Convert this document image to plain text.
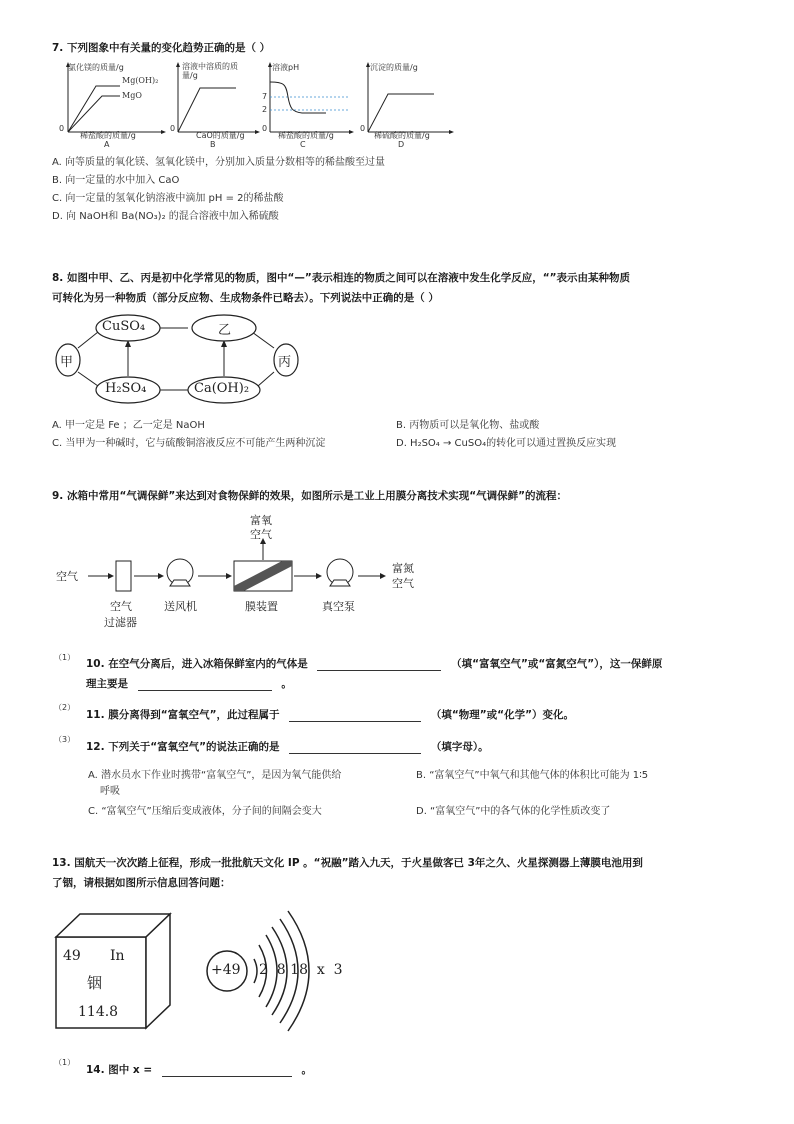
7. 下列图象中有关量的变化趋势正确的是（ ）
氯化镁的质量/g
Mg(OH)₂
MgO
0
稀盐酸的质量/g
A
溶液中溶质的质量/g
0
CaO的质量/g
B
溶液pH
7
2
0
稀盐酸的质量/g
C
沉淀的质量/g
0
稀硫酸的质量/g
D
A. 向等质量的氧化镁、氢氧化镁中，分别加入质量分数相等的稀盐酸至过量
B. 向一定量的水中加入 CaO
C. 向一定量的氢氧化钠溶液中滴加 pH = 2的稀盐酸
D. 向 NaOH和 Ba(NO₃)₂ 的混合溶液中加入稀硫酸
8. 如图中甲、乙、丙是初中化学常见的物质，图中“—”表示相连的物质之间可以在溶液中发生化学反应，“”表示由某种物质
可转化为另一种物质（部分反应物、生成物条件已略去）。下列说法中正确的是（ ）
甲
CuSO₄	乙
丙
H₂SO₄	Ca(OH)₂
A. 甲一定是 Fe ；乙一定是 NaOH	B. 丙物质可以是氧化物、盐或酸
C. 当甲为一种碱时，它与硫酸铜溶液反应不可能产生两种沉淀	D. H₂SO₄ → CuSO₄的转化可以通过置换反应实现
9. 冰箱中常用“气调保鲜”来达到对食物保鲜的效果，如图所示是工业上用膜分离技术实现“气调保鲜”的流程：
空气
空气
过滤器
送风机	膜装置	真空泵
富氧
空气
富氮
空气
（1）
10. 在空气分离后，进入冰箱保鲜室内的气体是	（填“富氧空气”或“富氮空气”），这一保鲜原
理主要是	。
（2）
11. 膜分离得到“富氧空气”，此过程属于	（填“物理”或“化学”）变化。
（3）
12. 下列关于“富氧空气”的说法正确的是	（填字母）。
A. 潜水员水下作业时携带“富氧空气”，是因为氧气能供给
呼吸
B. “富氧空气”中氧气和其他气体的体积比可能为 1∶5
C. “富氧空气”压缩后变成液体，分子间的间隔会变大	D. “富氧空气”中的各气体的化学性质改变了
13. 国航天一次次踏上征程，形成一批批航天文化 IP 。“祝融”踏入九天，于火星做客已 3年之久、火星探测器上薄膜电池用到
了铟，请根据如图所示信息回答问题：
49 In
铟
114.8
+49 2  8 18  x  3
（1）
14. 图中 x =	。
